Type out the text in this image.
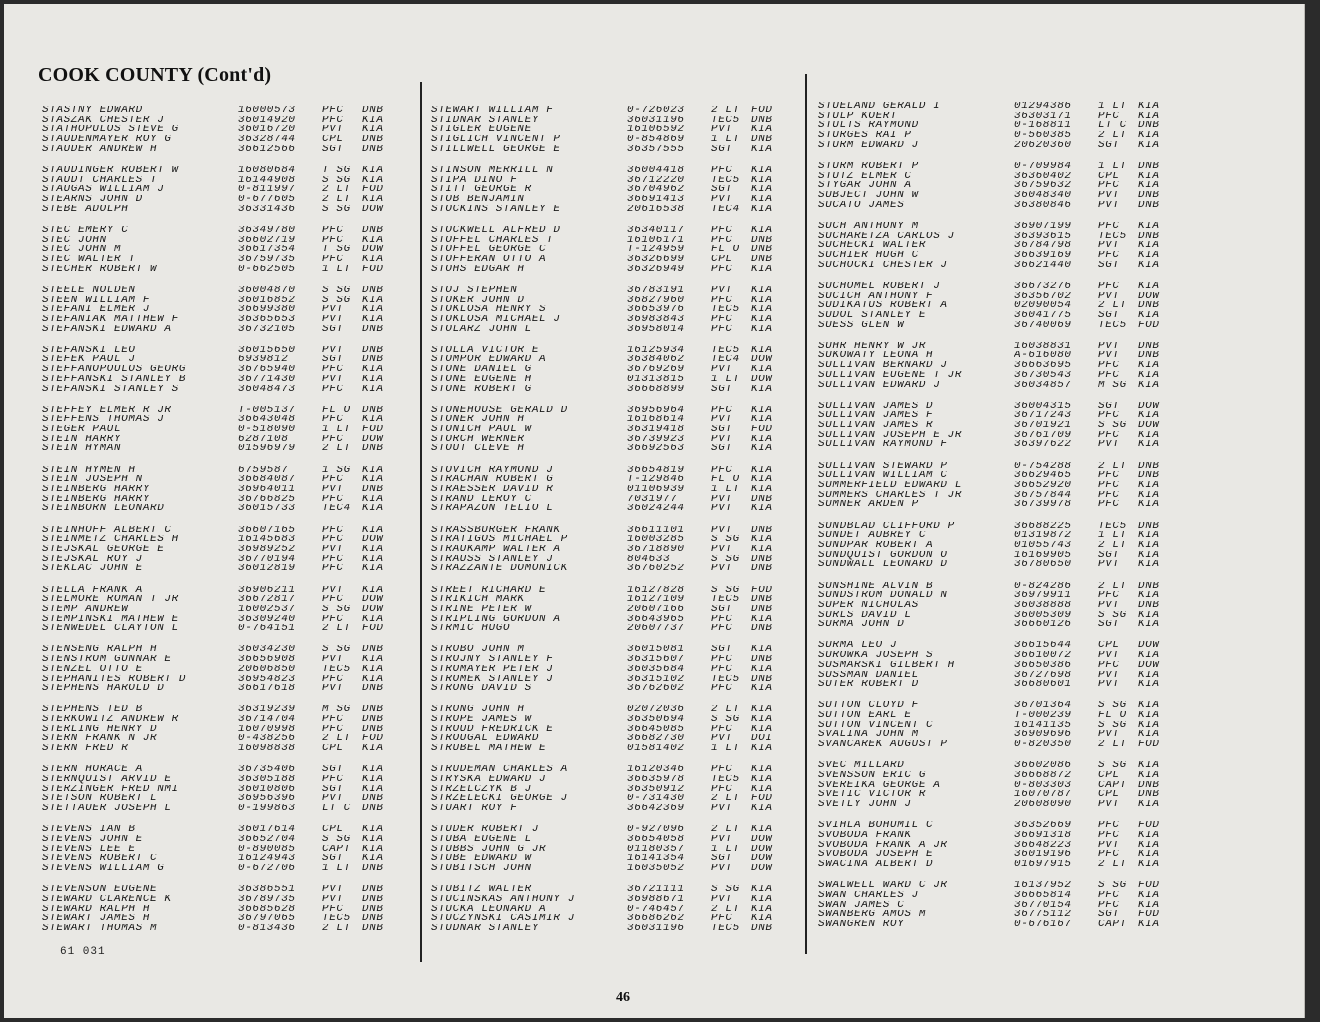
COOK COUNTY (Cont'd)
STASTNY EDWARD	16000573	PFC	DNB
STASZAK CHESTER J	36014920	PFC	KIA
STATHOPULOS STEVE G	36016720	PVT	KIA
STAUDENMAYER ROY G	36328744	CPL	DNB
STAUDER ANDREW H	36612566	SGT	DNB
STAUDINGER ROBERT W	16080684	T SG	KIA
STAUDT CHARLES T	16144908	S SG	KIA
STAUGAS WILLIAM J	0-811997	2 LT	FOD
STEARNS JOHN D	0-677605	2 LT	KIA
STEBE ADOLPH	36331436	S SG	DOW
STEC EMERY C	36349780	PFC	DNB
STEC JOHN	36602719	PFC	KIA
STEC JOHN M	36617354	T SG	DOW
STEC WALTER T	36759735	PFC	KIA
STECHER ROBERT W	0-662505	1 LT	FOD
STEELE NOLDEN	36004870	S SG	DNB
STEEN WILLIAM F	36016852	S SG	KIA
STEFANI ELMER J	36699380	PVT	KIA
STEFANIAK MATTHEW F	36365653	PVT	KIA
STEFANSKI EDWARD A	36732105	SGT	DNB
STEFANSKI LEO	36015650	PVT	DNB
STEFEK PAUL J	6939812	SGT	DNB
STEFFANOPOULOS GEORG	36765940	PFC	KIA
STEFFANSKI STANLEY B	36771430	PVT	KIA
STEFANSKI STANLEY S	36048473	PFC	KIA
STEFFEY ELMER R JR	T-005137	FL O	DNB
STEFFENS THOMAS J	36643048	PFC	KIA
STEGER PAUL	0-518090	1 LT	FOD
STEIN HARRY	6287108	PFC	DOW
STEIN HYMAN	01596979	2 LT	DNB
STEIN HYMEN H	6759587	1 SG	KIA
STEIN JOSEPH N	36684087	PFC	KIA
STEINBERG HARRY	36964011	PVT	DNB
STEINBERG HARRY	36766825	PFC	KIA
STEINBORN LEONARD	36015733	TEC4	KIA
STEINHOFF ALBERT C	36607165	PFC	KIA
STEINMETZ CHARLES H	16145683	PFC	DOW
STEJSKAL GEORGE E	36989252	PVT	KIA
STEJSKAL ROY J	36770194	PFC	KIA
STEKLAC JOHN E	36012819	PFC	KIA
STELLA FRANK A	36906211	PVT	KIA
STELMORE ROMAN T JR	36672817	PFC	DOW
STEMP ANDREW	16002537	S SG	DOW
STEMPINSKI MATHEW E	36309240	PFC	KIA
STENWEDEL CLAYTON L	0-764151	2 LT	FOD
STENSENG RALPH H	36034230	S SG	DNB
STENSTROM GUNNAR E	36656908	PVT	KIA
STENZEL OTTO E	20606850	TEC5	KIA
STEPHANITES ROBERT D	36954823	PFC	KIA
STEPHENS HAROLD D	36617618	PVT	DNB
STEPHENS TED B	36319239	M SG	DNB
STERKOWITZ ANDREW R	36714704	PFC	DNB
STERLING HENRY D	16070998	PFC	DNB
STERN FRANK N JR	0-438256	2 LT	FOD
STERN FRED R	16098838	CPL	KIA
STERN HORACE A	36735406	SGT	KIA
STERNQUIST ARVID E	36305188	PFC	KIA
STERZINGER FRED NMI	36010806	SGT	KIA
STETSON ROBERT L	36956396	PVT	DNB
STETTAUER JOSEPH L	0-199863	LT C	DNB
STEVENS IAN B	36017614	CPL	KIA
STEVENS JOHN E	36652704	S SG	KIA
STEVENS LEE E	0-890085	CAPT	KIA
STEVENS ROBERT C	16124943	SGT	KIA
STEVENS WILLIAM G	0-672706	1 LT	DNB
STEVENSON EUGENE	36386551	PVT	DNB
STEWARD CLARENCE K	36789735	PVT	DNB
STEWARD RALPH H	36685628	PFC	DNB
STEWART JAMES H	36797065	TEC5	DNB
STEWART THOMAS M	0-813436	2 LT	DNB
STEWART WILLIAM F	0-726023	2 LT	FOD
STIDNAR STANLEY	36031196	TEC5	DNB
STIGLER EUGENE	16106592	PVT	KIA
STIGLICH VINCENT P	0-854869	1 LT	DNB
STILLWELL GEORGE E	36357555	SGT	KIA
STINSON MERRILL N	36004418	PFC	KIA
STIPA DINO F	36712220	TEC5	KIA
STITT GEORGE R	36704962	SGT	KIA
STOB BENJAMIN	36691413	PVT	KIA
STOCKINS STANLEY E	20616538	TEC4	KIA
STOCKWELL ALFRED D	36340117	PFC	KIA
STOFFEL CHARLES T	16106171	PFC	DNB
STOFFEL GEORGE C	T-124959	FL O	DNB
STOFFERAN OTTO A	36326699	CPL	DNB
STOHS EDGAR H	36326949	PFC	KIA
STOJ STEPHEN	36783191	PVT	KIA
STOKER JOHN D	36827960	PFC	KIA
STOKLOSA HENRY S	36653976	TEC5	KIA
STOKLOSA MICHAEL J	36983843	PFC	KIA
STOLARZ JOHN L	36958014	PFC	KIA
STOLLA VICTOR E	16125934	TEC5	KIA
STOMPOR EDWARD A	36384062	TEC4	DOW
STONE DANIEL G	36769269	PVT	KIA
STONE EUGENE H	01313815	1 LT	DOW
STONE ROBERT G	36668899	SGT	KIA
STONEHOUSE GERALD D	36956964	PFC	KIA
STONER JOHN H	16168614	PVT	KIA
STONICH PAUL W	36319418	SGT	FOD
STORCH WERNER	36739923	PVT	KIA
STOUT CLEVE H	36692563	SGT	KIA
STOVICH RAYMOND J	36654819	PFC	KIA
STRACHAN ROBERT G	T-129846	FL O	KIA
STRAESSER DAVID R	01106939	1 LT	KIA
STRAND LEROY C	7031977	PVT	DNB
STRAPAZON TELIO L	36024244	PVT	KIA
STRASSBURGER FRANK	36611101	PVT	DNB
STRATIGOS MICHAEL P	16003285	S SG	KIA
STRAUKAMP WALTER A	36718890	PVT	KIA
STRAUSS STANLEY J	804633	S SG	DNB
STRAZZANTE DOMONICK	36760252	PVT	DNB
STREET RICHARD E	16127828	S SG	FOD
STRIKICH MARK	16127109	TEC5	DNB
STRINE PETER W	20607166	SGT	DNB
STRIPLING GORDON A	36643965	PFC	KIA
STRMIC HUGO	20607737	PFC	DNB
STROBO JOHN M	36015081	SGT	KIA
STROJNY STANLEY F	36315607	PFC	DNB
STROMAYER PETER J	36035684	PFC	KIA
STROMEK STANLEY J	36315102	TEC5	DNB
STRONG DAVID S	36762602	PFC	KIA
STRONG JOHN H	02072036	2 LT	KIA
STROPE JAMES W	36350694	S SG	KIA
STROUD FREDRICK E	36645085	PFC	KIA
STROUGAL EDWARD	36682730	PVT	DOI
STRUBEL MATHEW E	01581402	1 LT	KIA
STRUDEMAN CHARLES A	16120346	PFC	KIA
STRYSKA EDWARD J	36635978	TEC5	KIA
STRZELCZYK B J	36350912	PFC	KIA
STRZELECKI GEORGE J	0-731430	2 LT	FOD
STUART ROY F	36642369	PVT	KIA
STUDER ROBERT J	0-927096	2 LT	KIA
STUBA EUGENE L	36654058	PVT	DOW
STUBBS JOHN G JR	01180357	1 LT	DOW
STUBE EDWARD W	16141354	SGT	DOW
STUBITSCH JOHN	16035052	PVT	DOW
STUBITZ WALTER	36721111	S SG	KIA
STUCINSKAS ANTHONY J	36988671	PVT	KIA
STUCKA LEONARD A	0-746457	2 LT	KIA
STUCZYNSKI CASIMIR J	36686262	PFC	KIA
STUDNAR STANLEY	36031196	TEC5	DNB
STUELAND GERALD I	01294386	1 LT	KIA
STULP KOERT	36303171	PFC	KIA
STULTS RAYMOND	0-168811	LT C	DNB
STURGES RAI P	0-560385	2 LT	KIA
STURM EDWARD J	20620360	SGT	KIA
STURM ROBERT P	0-709984	1 LT	DNB
STUTZ ELMER C	36360402	CPL	KIA
STYGAR JOHN A	36759632	PFC	KIA
SUBJECT JOHN W	36048340	PVT	DNB
SUCATO JAMES	36380846	PVT	DNB
SUCH ANTHONY M	36907199	PFC	KIA
SUCHARETZA CARLOS J	36393615	TEC5	DNB
SUCHECKI WALTER	36784798	PVT	KIA
SUCHIER HUGH C	36639169	PFC	KIA
SUCHOCKI CHESTER J	36621440	SGT	KIA
SUCHOMEL ROBERT J	36673276	PFC	KIA
SUCICH ANTHONY F	36356702	PVT	DOW
SUDIKATUS ROBERT A	02090054	2 LT	DNB
SUDOL STANLEY E	36041775	SGT	KIA
SUESS GLEN W	36740069	TEC5	FOD
SUHR HENRY W JR	16038831	PVT	DNB
SUKOWATY LEONA H	A-616080	PVT	DNB
SULLIVAN BERNARD J	36663695	PFC	KIA
SULLIVAN EUGENE T JR	36730543	PFC	KIA
SULLIVAN EDWARD J	36034857	M SG	KIA
SULLIVAN JAMES D	36004315	SGT	DOW
SULLIVAN JAMES F	36717243	PFC	KIA
SULLIVAN JAMES R	36701921	S SG	DOW
SULLIVAN JOSEPH E JR	36761709	PFC	KIA
SULLIVAN RAYMOND F	36397622	PVT	KIA
SULLIVAN STEWARD P	0-754288	2 LT	DNB
SULLIVAN WILLIAM C	36629465	PFC	DNB
SUMMERFIELD EDWARD L	36652920	PFC	KIA
SUMMERS CHARLES T JR	36757844	PFC	KIA
SUMNER ARDEN P	36739978	PFC	KIA
SUNDBLAD CLIFFORD P	36688225	TEC5	DNB
SUNDET AUBREY C	01319872	1 LT	KIA
SUNDPAR ROBERT A	01055743	2 LT	KIA
SUNDQUIST GORDON O	16169905	SGT	KIA
SUNDWALL LEONARD D	36780650	PVT	KIA
SUNSHINE ALVIN B	0-824286	2 LT	DNB
SUNDSTROM DONALD N	36979911	PFC	KIA
SUPER NICHOLAS	36038888	PVT	DNB
SURLS DAVID L	36005309	S SG	KIA
SURMA JOHN D	36660126	SGT	KIA
SURMA LEO J	36615644	CPL	DOW
SUROWKA JOSEPH S	36610072	PVT	KIA
SUSMARSKI GILBERT H	36650386	PFC	DOW
SUSSMAN DANIEL	36727698	PVT	KIA
SUTER ROBERT D	36680601	PVT	KIA
SUTTON CLOYD F	36701364	S SG	KIA
SUTTON EARL E	T-000239	FL O	KIA
SUTTON VINCENT C	16141135	S SG	KIA
SVALINA JOHN M	36909696	PVT	KIA
SVANCAREK AUGUST P	0-820350	2 LT	FOD
SVEC MILLARD	36602086	S SG	KIA
SVENSSON ERIC G	36668872	CPL	KIA
SVEREIKA GEORGE A	0-803303	CAPT	DNB
SVETIC VICTOR R	16070787	CPL	DNB
SVETLY JOHN J	20608090	PVT	KIA
SVIHLA BOHUMIL C	36352669	PFC	FOD
SVOBODA FRANK	36691318	PFC	KIA
SVOBODA FRANK A JR	36648223	PVT	KIA
SVOBODA JOSEPH E	36019196	PFC	KIA
SWACINA ALBERT D	01697915	2 LT	KIA
SWALWELL WARD C JR	16137952	S SG	FOD
SWAN CHARLES J	36665814	PFC	KIA
SWAN JAMES C	36770154	PFC	KIA
SWANBERG AMOS M	36775112	SGT	FOD
SWANGREN ROY	0-676167	CAPT	KIA
61 031
46
